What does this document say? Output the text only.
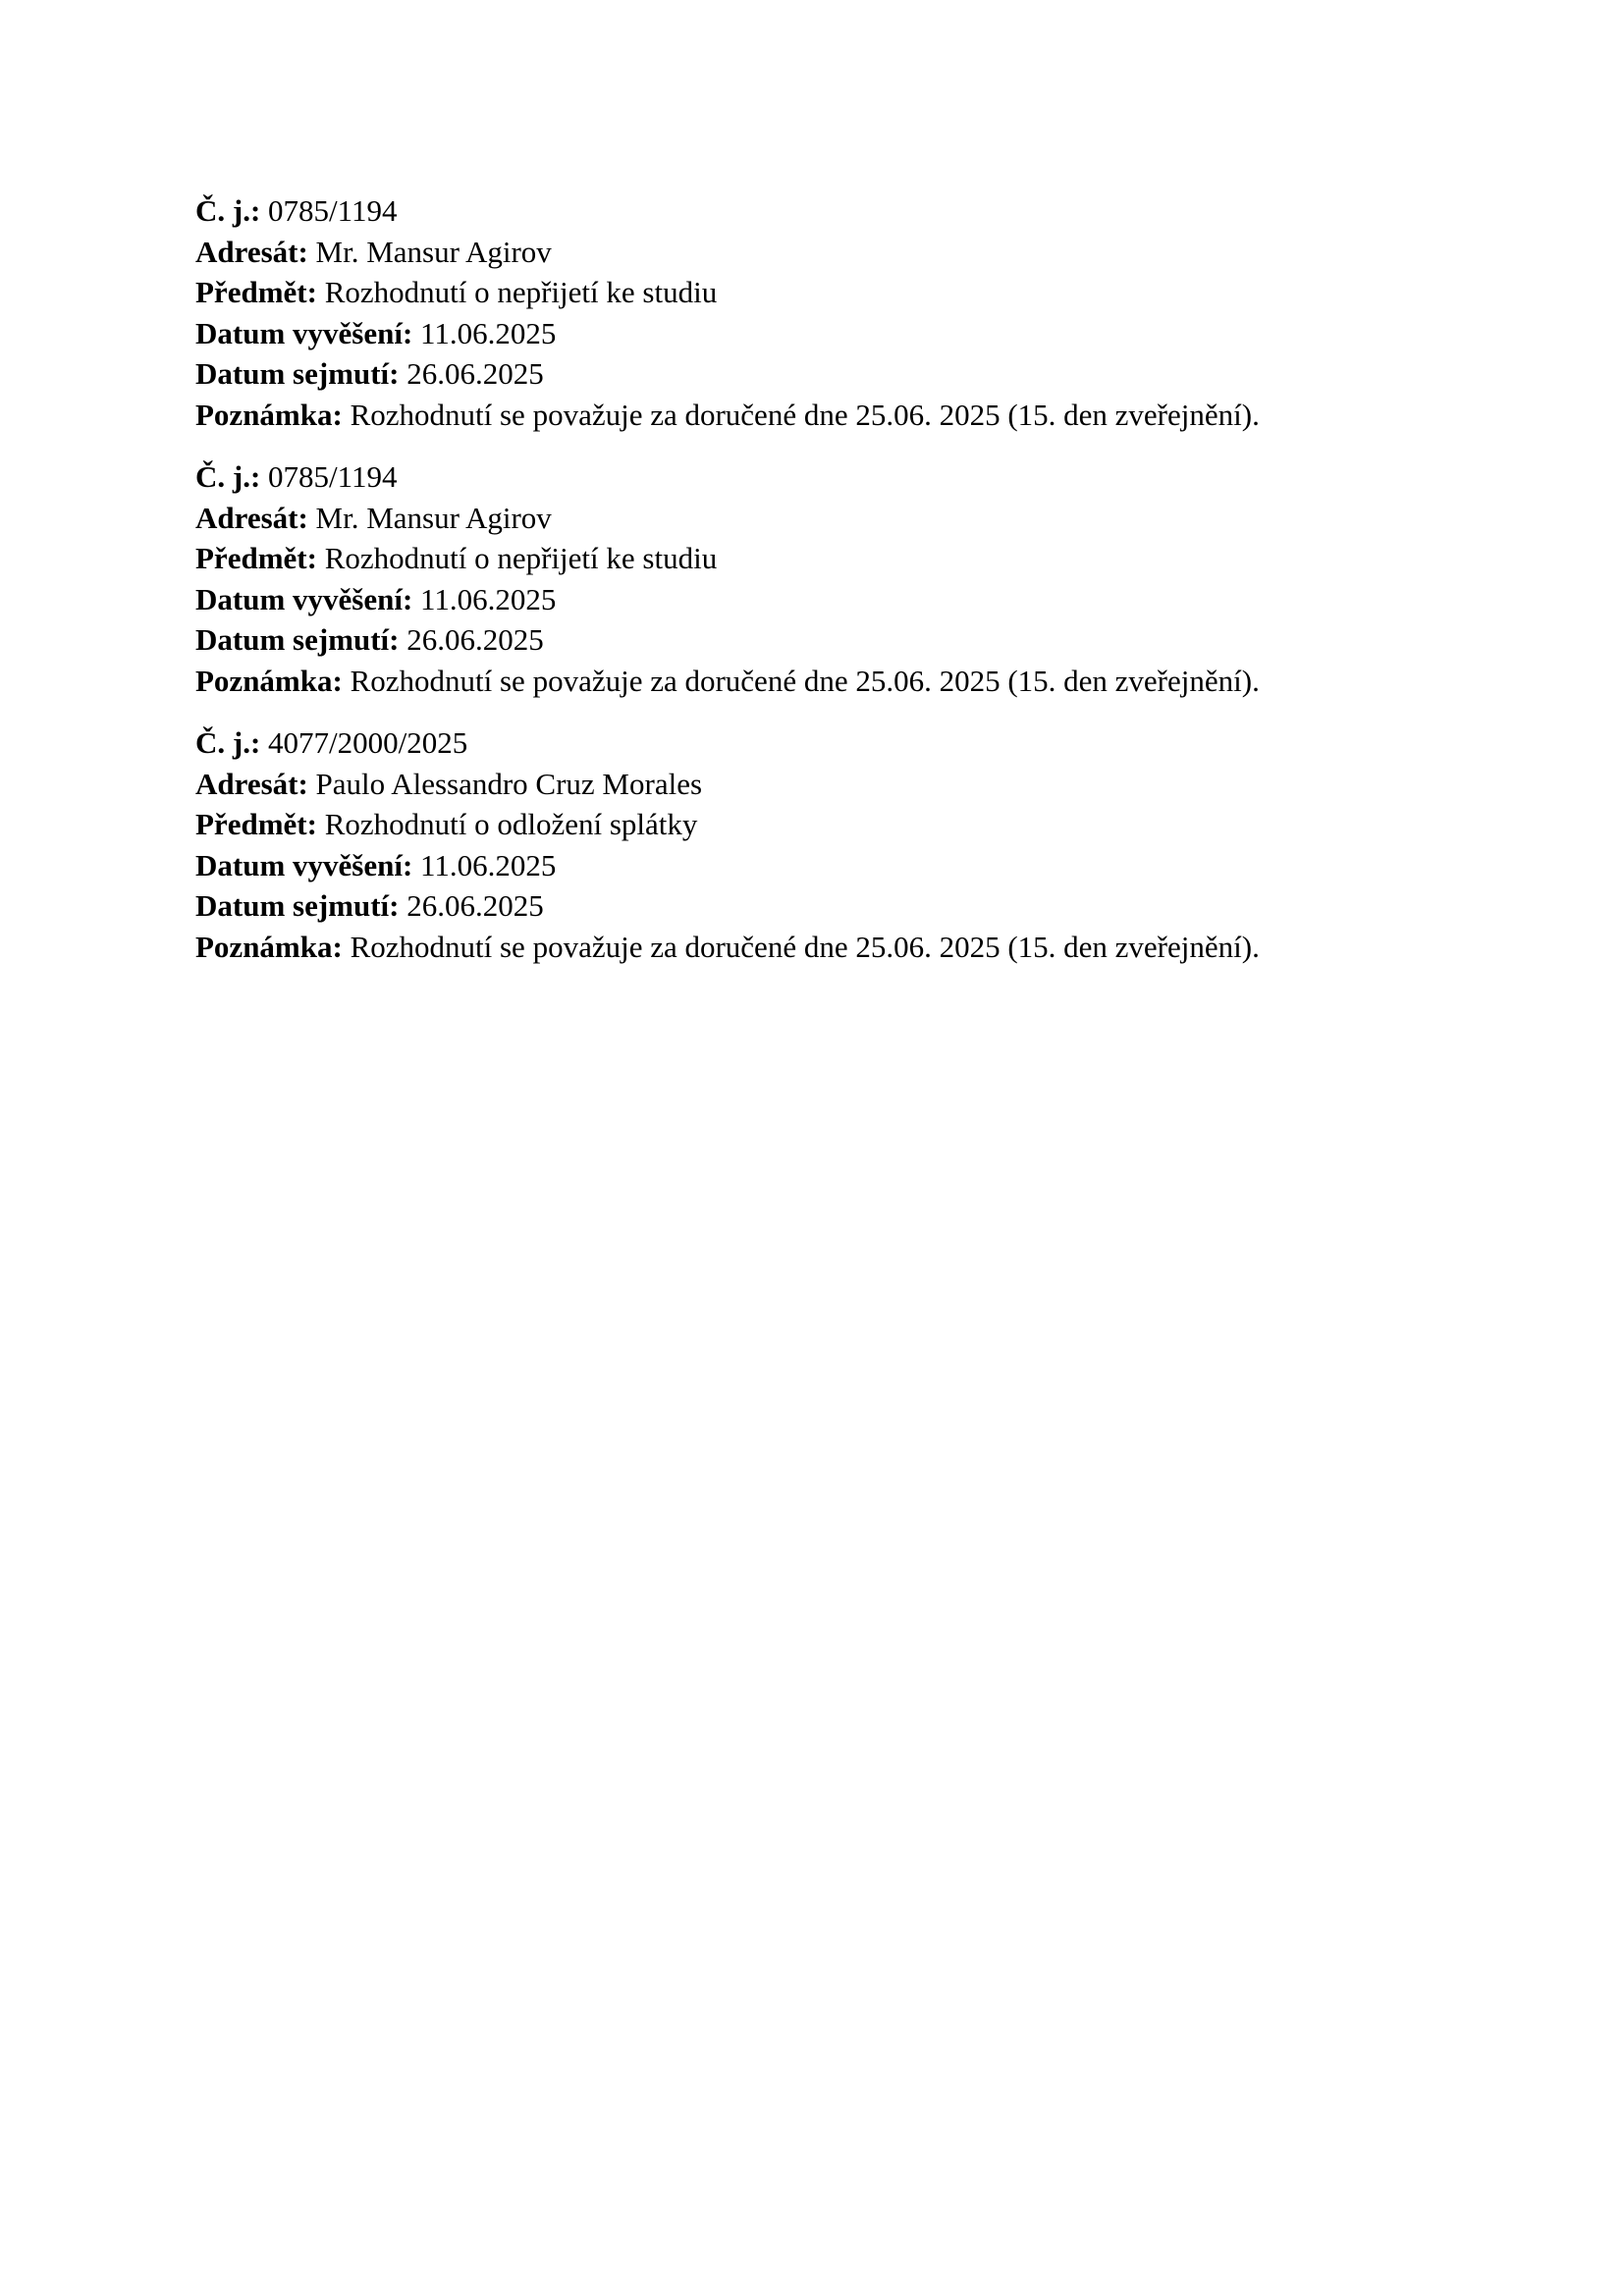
Č. j.: 0785/1194
Adresát: Mr. Mansur Agirov
Předmět: Rozhodnutí o nepřijetí ke studiu
Datum vyvěšení: 11.06.2025
Datum sejmutí: 26.06.2025
Poznámka: Rozhodnutí se považuje za doručené dne 25.06. 2025 (15. den zveřejnění).
Č. j.: 0785/1194
Adresát: Mr. Mansur Agirov
Předmět: Rozhodnutí o nepřijetí ke studiu
Datum vyvěšení: 11.06.2025
Datum sejmutí: 26.06.2025
Poznámka: Rozhodnutí se považuje za doručené dne 25.06. 2025 (15. den zveřejnění).
Č. j.: 4077/2000/2025
Adresát: Paulo Alessandro Cruz Morales
Předmět: Rozhodnutí o odložení splátky
Datum vyvěšení: 11.06.2025
Datum sejmutí: 26.06.2025
Poznámka: Rozhodnutí se považuje za doručené dne 25.06. 2025 (15. den zveřejnění).
